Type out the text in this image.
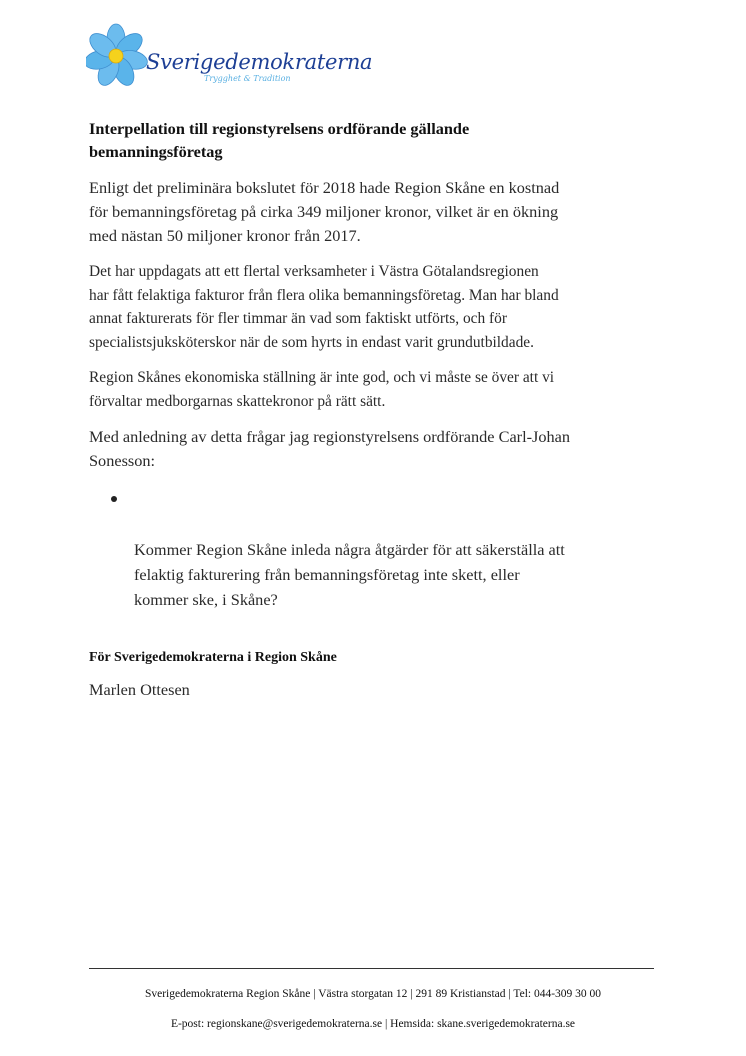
Sverigedemokraterna
Trygghet & Tradition
Interpellation till regionstyrelsens ordförande gällande
bemanningsföretag

Enligt det preliminära bokslutet för 2018 hade Region Skåne en kostnad
för bemanningsföretag på cirka 349 miljoner kronor, vilket är en ökning
med nästan 50 miljoner kronor från 2017.

Det har uppdagats att ett flertal verksamheter i Västra Götalandsregionen
har fått felaktiga fakturor från flera olika bemanningsföretag. Man har bland
annat fakturerats för fler timmar än vad som faktiskt utförts, och för
specialistsjuksköterskor när de som hyrts in endast varit grundutbildade.

Region Skånes ekonomiska ställning är inte god, och vi måste se över att vi
förvaltar medborgarnas skattekronor på rätt sätt.

Med anledning av detta frågar jag regionstyrelsens ordförande Carl-Johan
Sonesson:

Kommer Region Skåne inleda några åtgärder för att säkerställa att
felaktig fakturering från bemanningsföretag inte skett, eller
kommer ske, i Skåne?

För Sverigedemokraterna i Region Skåne

Marlen Ottesen

Sverigedemokraterna Region Skåne | Västra storgatan 12 | 291 89 Kristianstad | Tel: 044-309 30 00
E-post: regionskane@sverigedemokraterna.se | Hemsida: skane.sverigedemokraterna.se
